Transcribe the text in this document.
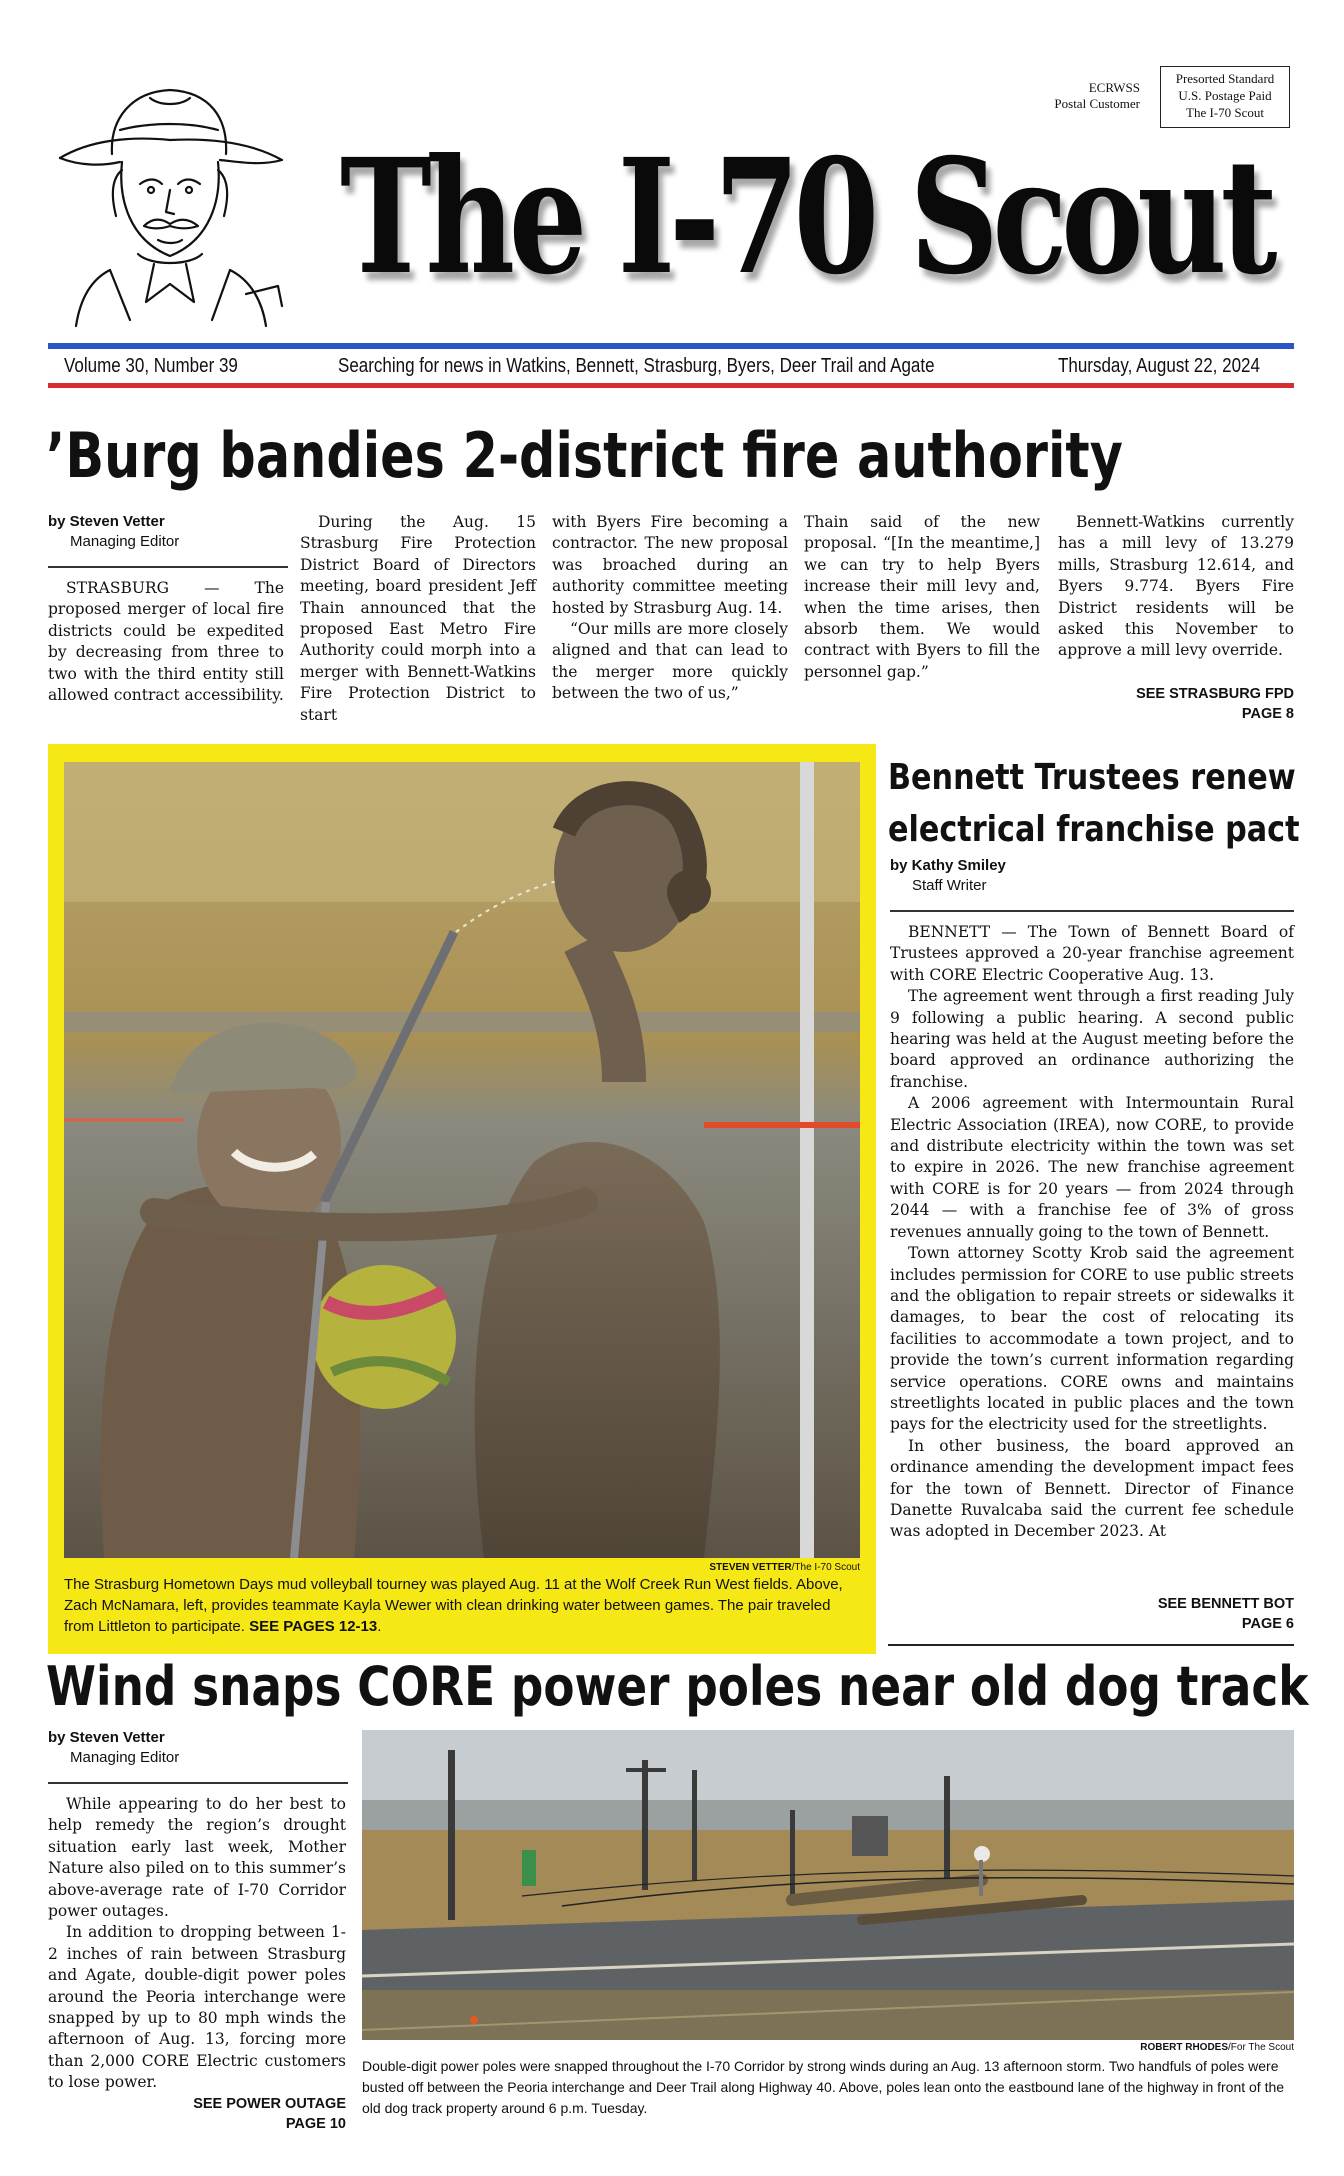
ECRWSS
Postal Customer
Presorted Standard
U.S. Postage Paid
The I-70 Scout
The I-70 Scout
Volume 30, Number 39	Searching for news in Watkins, Bennett, Strasburg, Byers, Deer Trail and Agate	Thursday, August 22, 2024
’Burg bandies 2-district fire authority
by Steven Vetter
Managing Editor

STRASBURG — The proposed merger of local fire districts could be expedited by decreasing from three to two with the third entity still allowed contract accessibility.

During the Aug. 15 Strasburg Fire Protection District Board of Directors meeting, board president Jeff Thain announced that the proposed East Metro Fire Authority could morph into a merger with Bennett-Watkins Fire Protection District to start

with Byers Fire becoming a contractor. The new proposal was broached during an authority committee meeting hosted by Strasburg Aug. 14.

“Our mills are more closely aligned and that can lead to the merger more quickly between the two of us,”

Thain said of the new proposal. “[In the meantime,] we can try to help Byers increase their mill levy and, when the time arises, then absorb them. We would contract with Byers to fill the personnel gap.”

Bennett-Watkins currently has a mill levy of 13.279 mills, Strasburg 12.614, and Byers 9.774. Byers Fire District residents will be asked this November to approve a mill levy override.

SEE STRASBURG FPD
PAGE 8
STEVEN VETTER/The I-70 Scout
The Strasburg Hometown Days mud volleyball tourney was played Aug. 11 at the Wolf Creek Run West fields. Above, Zach McNamara, left, provides teammate Kayla Wewer with clean drinking water between games. The pair traveled from Littleton to participate. SEE PAGES 12-13.
Bennett Trustees renew
electrical franchise pact
by Kathy Smiley
Staff Writer

BENNETT — The Town of Bennett Board of Trustees approved a 20-year franchise agreement with CORE Electric Cooperative Aug. 13.

The agreement went through a first reading July 9 following a public hearing. A second public hearing was held at the August meeting before the board approved an ordinance authorizing the franchise.

A 2006 agreement with Intermountain Rural Electric Association (IREA), now CORE, to provide and distribute electricity within the town was set to expire in 2026. The new franchise agreement with CORE is for 20 years — from 2024 through 2044 — with a franchise fee of 3% of gross revenues annually going to the town of Bennett.

Town attorney Scotty Krob said the agreement includes permission for CORE to use public streets and the obligation to repair streets or sidewalks it damages, to bear the cost of relocating its facilities to accommodate a town project, and to provide the town’s current information regarding service operations. CORE owns and maintains streetlights located in public places and the town pays for the electricity used for the streetlights.

In other business, the board approved an ordinance amending the development impact fees for the town of Bennett. Director of Finance Danette Ruvalcaba said the current fee schedule was adopted in December 2023. At

SEE BENNETT BOT
PAGE 6
Wind snaps CORE power poles near old dog track
by Steven Vetter
Managing Editor

While appearing to do her best to help remedy the region’s drought situation early last week, Mother Nature also piled on to this summer’s above-average rate of I-70 Corridor power outages.

In addition to dropping between 1-2 inches of rain between Strasburg and Agate, double-digit power poles around the Peoria interchange were snapped by up to 80 mph winds the afternoon of Aug. 13, forcing more than 2,000 CORE Electric customers to lose power.

SEE POWER OUTAGE
PAGE 10
ROBERT RHODES/For The Scout
Double-digit power poles were snapped throughout the I-70 Corridor by strong winds during an Aug. 13 afternoon storm. Two handfuls of poles were busted off between the Peoria interchange and Deer Trail along Highway 40. Above, poles lean onto the eastbound lane of the highway in front of the old dog track property around 6 p.m. Tuesday.
